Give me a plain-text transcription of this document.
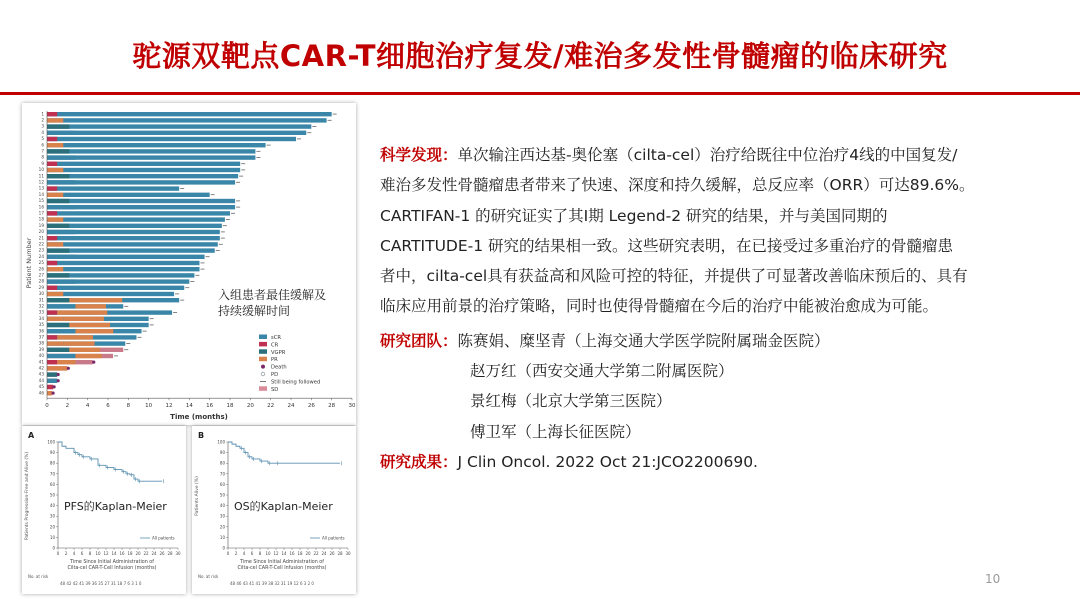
驼源双靶点CAR-T细胞治疗复发/难治多发性骨髓瘤的临床研究
1
2
3
4
5
6
7
8
9
10
11
12
13
14
15
16
17
18
19
20
21
22
23
24
25
26
27
28
29
30
31
32
33
34
35
36
37
38
39
40
41
42
43
44
45
46
0	2	4	6	8	10 12 14 16 18 20 22 24 26 28 30
sCR
CR
VGPR
PR
Death
PD
Still being followed
SD
入组患者最佳缓解及
持续缓解时间
Patient Number
Time (months)
A
Patients Progression-Free and Alive (%)
100
90
80
70
60
50
40
30
20
10
0
0 2 4 6 8 10 12 14 16 18 20 22 24 26 28 30
All patients
PFS的Kaplan-Meier
Time Since Initial Administration of
Cilta-cel CAR-T-Cell Infusion (months)
No. at risk
48 42 42 41 39 36 35 27 31 18 7 6 3 1 0
B
Patients Alive (%)
100
90
80
70
60
50
40
30
20
10
0
0 2 4 6 8 10 12 14 16 18 20 22 24 26 28 30
All patients
OS的Kaplan-Meier
Time Since Initial Administration of
Cilta-cel CAR-T-Cell Infusion (months)
No. at risk
48 46 43 41 41 39 38 32 31 19 12 6 3 2 0

科学发现：单次输注西达基-奥伦塞（cilta-cel）治疗给既往中位治疗4线的中国复发/

难治多发性骨髓瘤患者带来了快速、深度和持久缓解，总反应率（ORR）可达89.6%。

CARTIFAN-1 的研究证实了其Ⅰ期 Legend-2 研究的结果，并与美国同期的

CARTITUDE-1 研究的结果相一致。这些研究表明，在已接受过多重治疗的骨髓瘤患

者中，cilta-cel具有获益高和风险可控的特征，并提供了可显著改善临床预后的、具有

临床应用前景的治疗策略，同时也使得骨髓瘤在今后的治疗中能被治愈成为可能。

研究团队：陈赛娟、糜坚青（上海交通大学医学院附属瑞金医院）

赵万红（西安交通大学第二附属医院）

景红梅（北京大学第三医院）

傅卫军（上海长征医院）

研究成果：J Clin Oncol. 2022 Oct 21:JCO2200690.

10
